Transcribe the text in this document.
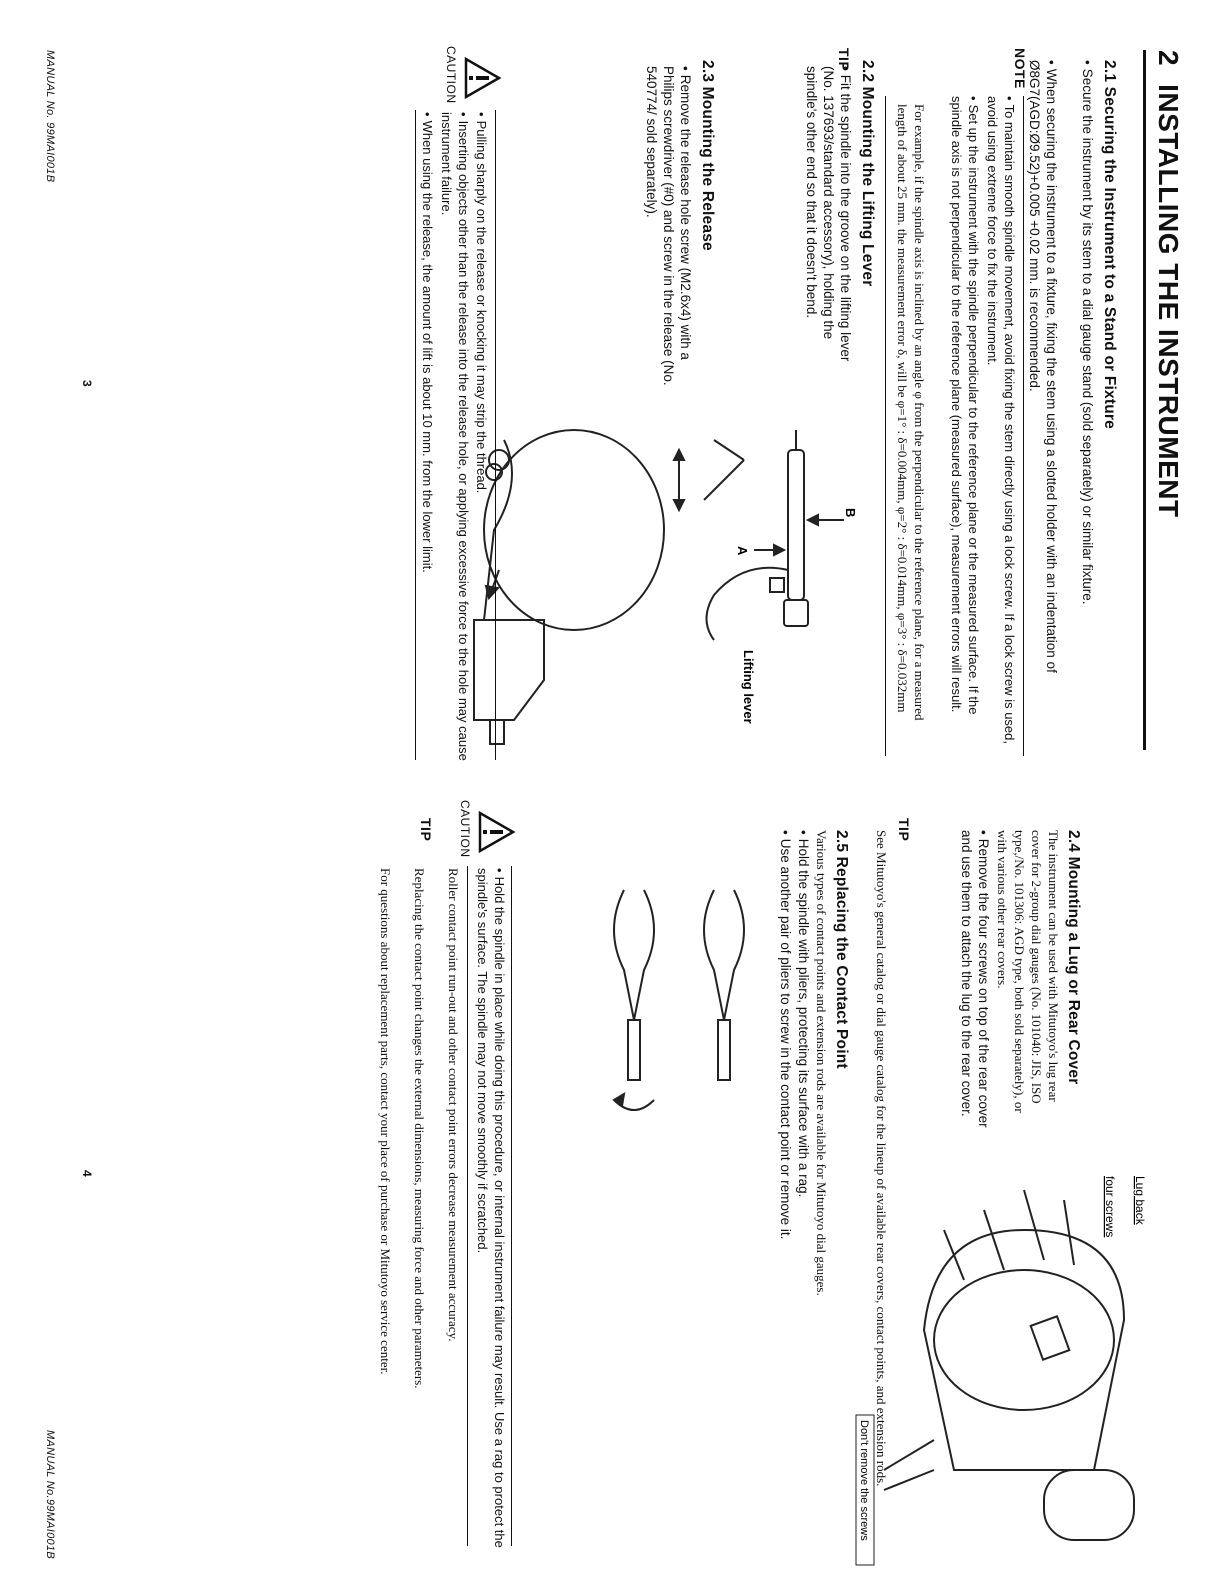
2INSTALLING THE INSTRUMENT
2.1 Securing the Instrument to a Stand or Fixture
• Secure the instrument by its stem to a dial gauge stand (sold separately) or similar fixture.
• When securing the instrument to a fixture, fixing the stem using a slotted holder with an indentation of Ø8G7(AGD:Ø9.52)+0.005 +0.02 mm. is recommended.
NOTE
• To maintain smooth spindle movement, avoid fixing the stem directly using a lock screw. If a lock screw is used, avoid using extreme force to fix the instrument.
• Set up the instrument with the spindle perpendicular to the reference plane or the measured surface. If the spindle axis is not perpendicular to the reference plane (measured surface), measurement errors will result.
For example, if the spindle axis is inclined by an angle φ from the perpendicular to the reference plane, for a measured length of about 25 mm. the measurement error δ, will be φ=1° : δ=0.004mm, φ=2° : δ=0.014mm, φ=3° : δ=0.032mm
2.2 Mounting the Lifting Lever
TIP
• Fit the spindle into the groove on the lifting lever (No. 137693/standard accessory), holding the spindle's other end so that it doesn't bend.
B
A
Lifting lever
2.3 Mounting the Release
• Remove the release hole screw (M2.6x4) with a Philips screwdriver (#0) and screw in the release (No. 540774/ sold separately).
CAUTION
• Pulling sharply on the release or knocking it may strip the thread.
• Inserting objects other than the release into the release hole, or applying excessive force to the hole may cause instrument failure.
• When using the release, the amount of lift is about 10 mm. from the lower limit.
MANUAL No. 99MAI001B
3
2.4 Mounting a Lug or Rear Cover
The instrument can be used with Mitutoyo's lug rear cover for 2-group dial gauges (No. 101040: JIS, ISO type,/No. 101306: AGD type, both sold separately), or with various other rear covers.
• Remove the four screws on top of the rear cover and use them to attach the lug to the rear cover.
Lug back
four screws
Don't remove the screws
TIP
See Mitutoyo's general catalog or dial gauge catalog for the lineup of available rear covers, contact points, and extension rods.
2.5 Replacing the Contact Point
Various types of contact points and extension rods are available for Mitutoyo dial gauges.
• Hold the spindle with pliers, protecting its surface with a rag.
• Use another pair of pliers to screw in the contact point or remove it.
CAUTION
• Hold the spindle in place while doing this procedure, or internal instrument failure may result. Use a rag to protect the spindle's surface. The spindle may not move smoothly if scratched.
TIP
Roller contact point run-out and other contact point errors decrease measurement accuracy.
Replacing the contact point changes the external dimensions, measuring force and other parameters.
For questions about replacement parts, contact your place of purchase or Mitutoyo service center.
MANUAL No.99MAI001B
4
